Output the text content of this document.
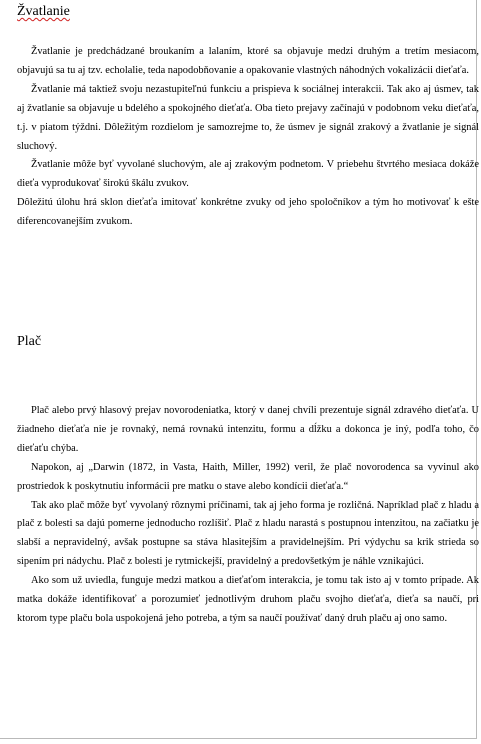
Žvatlanie

Žvatlanie je predchádzané broukaním a lalaním, ktoré sa objavuje medzi druhým a tretím mesiacom, objavujú sa tu aj tzv. echolalie, teda napodobňovanie a opakovanie vlastných náhodných vokalizácii dieťaťa.

Žvatlanie má taktiež svoju nezastupiteľnú funkciu a prispieva k sociálnej interakcii. Tak ako aj úsmev, tak aj žvatlanie sa objavuje u bdelého a spokojného dieťaťa. Oba tieto prejavy začínajú v podobnom veku dieťaťa, t.j. v piatom týždni. Dôležitým rozdielom je samozrejme to, že úsmev je signál zrakový a žvatlanie je signál sluchový.

Žvatlanie môže byť vyvolané sluchovým, ale aj zrakovým podnetom. V priebehu štvrtého mesiaca dokáže dieťa vyprodukovať širokú škálu zvukov.

Dôležitú úlohu hrá sklon dieťaťa imitovať konkrétne zvuky od jeho spoločníkov a tým ho motivovať k ešte diferencovanejším zvukom.

Plač

Plač alebo prvý hlasový prejav novorodeniatka, ktorý v danej chvíli prezentuje signál zdravého dieťaťa. U žiadneho dieťaťa nie je rovnaký, nemá rovnakú intenzitu, formu a dĺžku a dokonca je iný, podľa toho, čo dieťaťu chýba.

Napokon, aj „Darwin (1872, in Vasta, Haith, Miller, 1992) veril, že plač novorodenca sa vyvinul ako prostriedok k poskytnutiu informácii pre matku o stave alebo kondícii dieťaťa.“

Tak ako plač môže byť vyvolaný rôznymi príčinami, tak aj jeho forma je rozličná. Napríklad plač z hladu a plač z bolesti sa dajú pomerne jednoducho rozlíšiť. Plač z hladu narastá s postupnou intenzitou, na začiatku je slabší a nepravidelný, avšak postupne sa stáva hlasitejším a pravidelnejším. Pri výdychu sa krik strieda so sipením pri nádychu. Plač z bolesti je rytmickejší, pravidelný a predovšetkým je náhle vznikajúci.

Ako som už uviedla, funguje medzi matkou a dieťaťom interakcia, je tomu tak isto aj v tomto prípade. Ak matka dokáže identifikovať a porozumieť jednotlivým druhom plaču svojho dieťaťa, dieťa sa naučí, pri ktorom type plaču bola uspokojená jeho potreba, a tým sa naučí používať daný druh plaču aj ono samo.
